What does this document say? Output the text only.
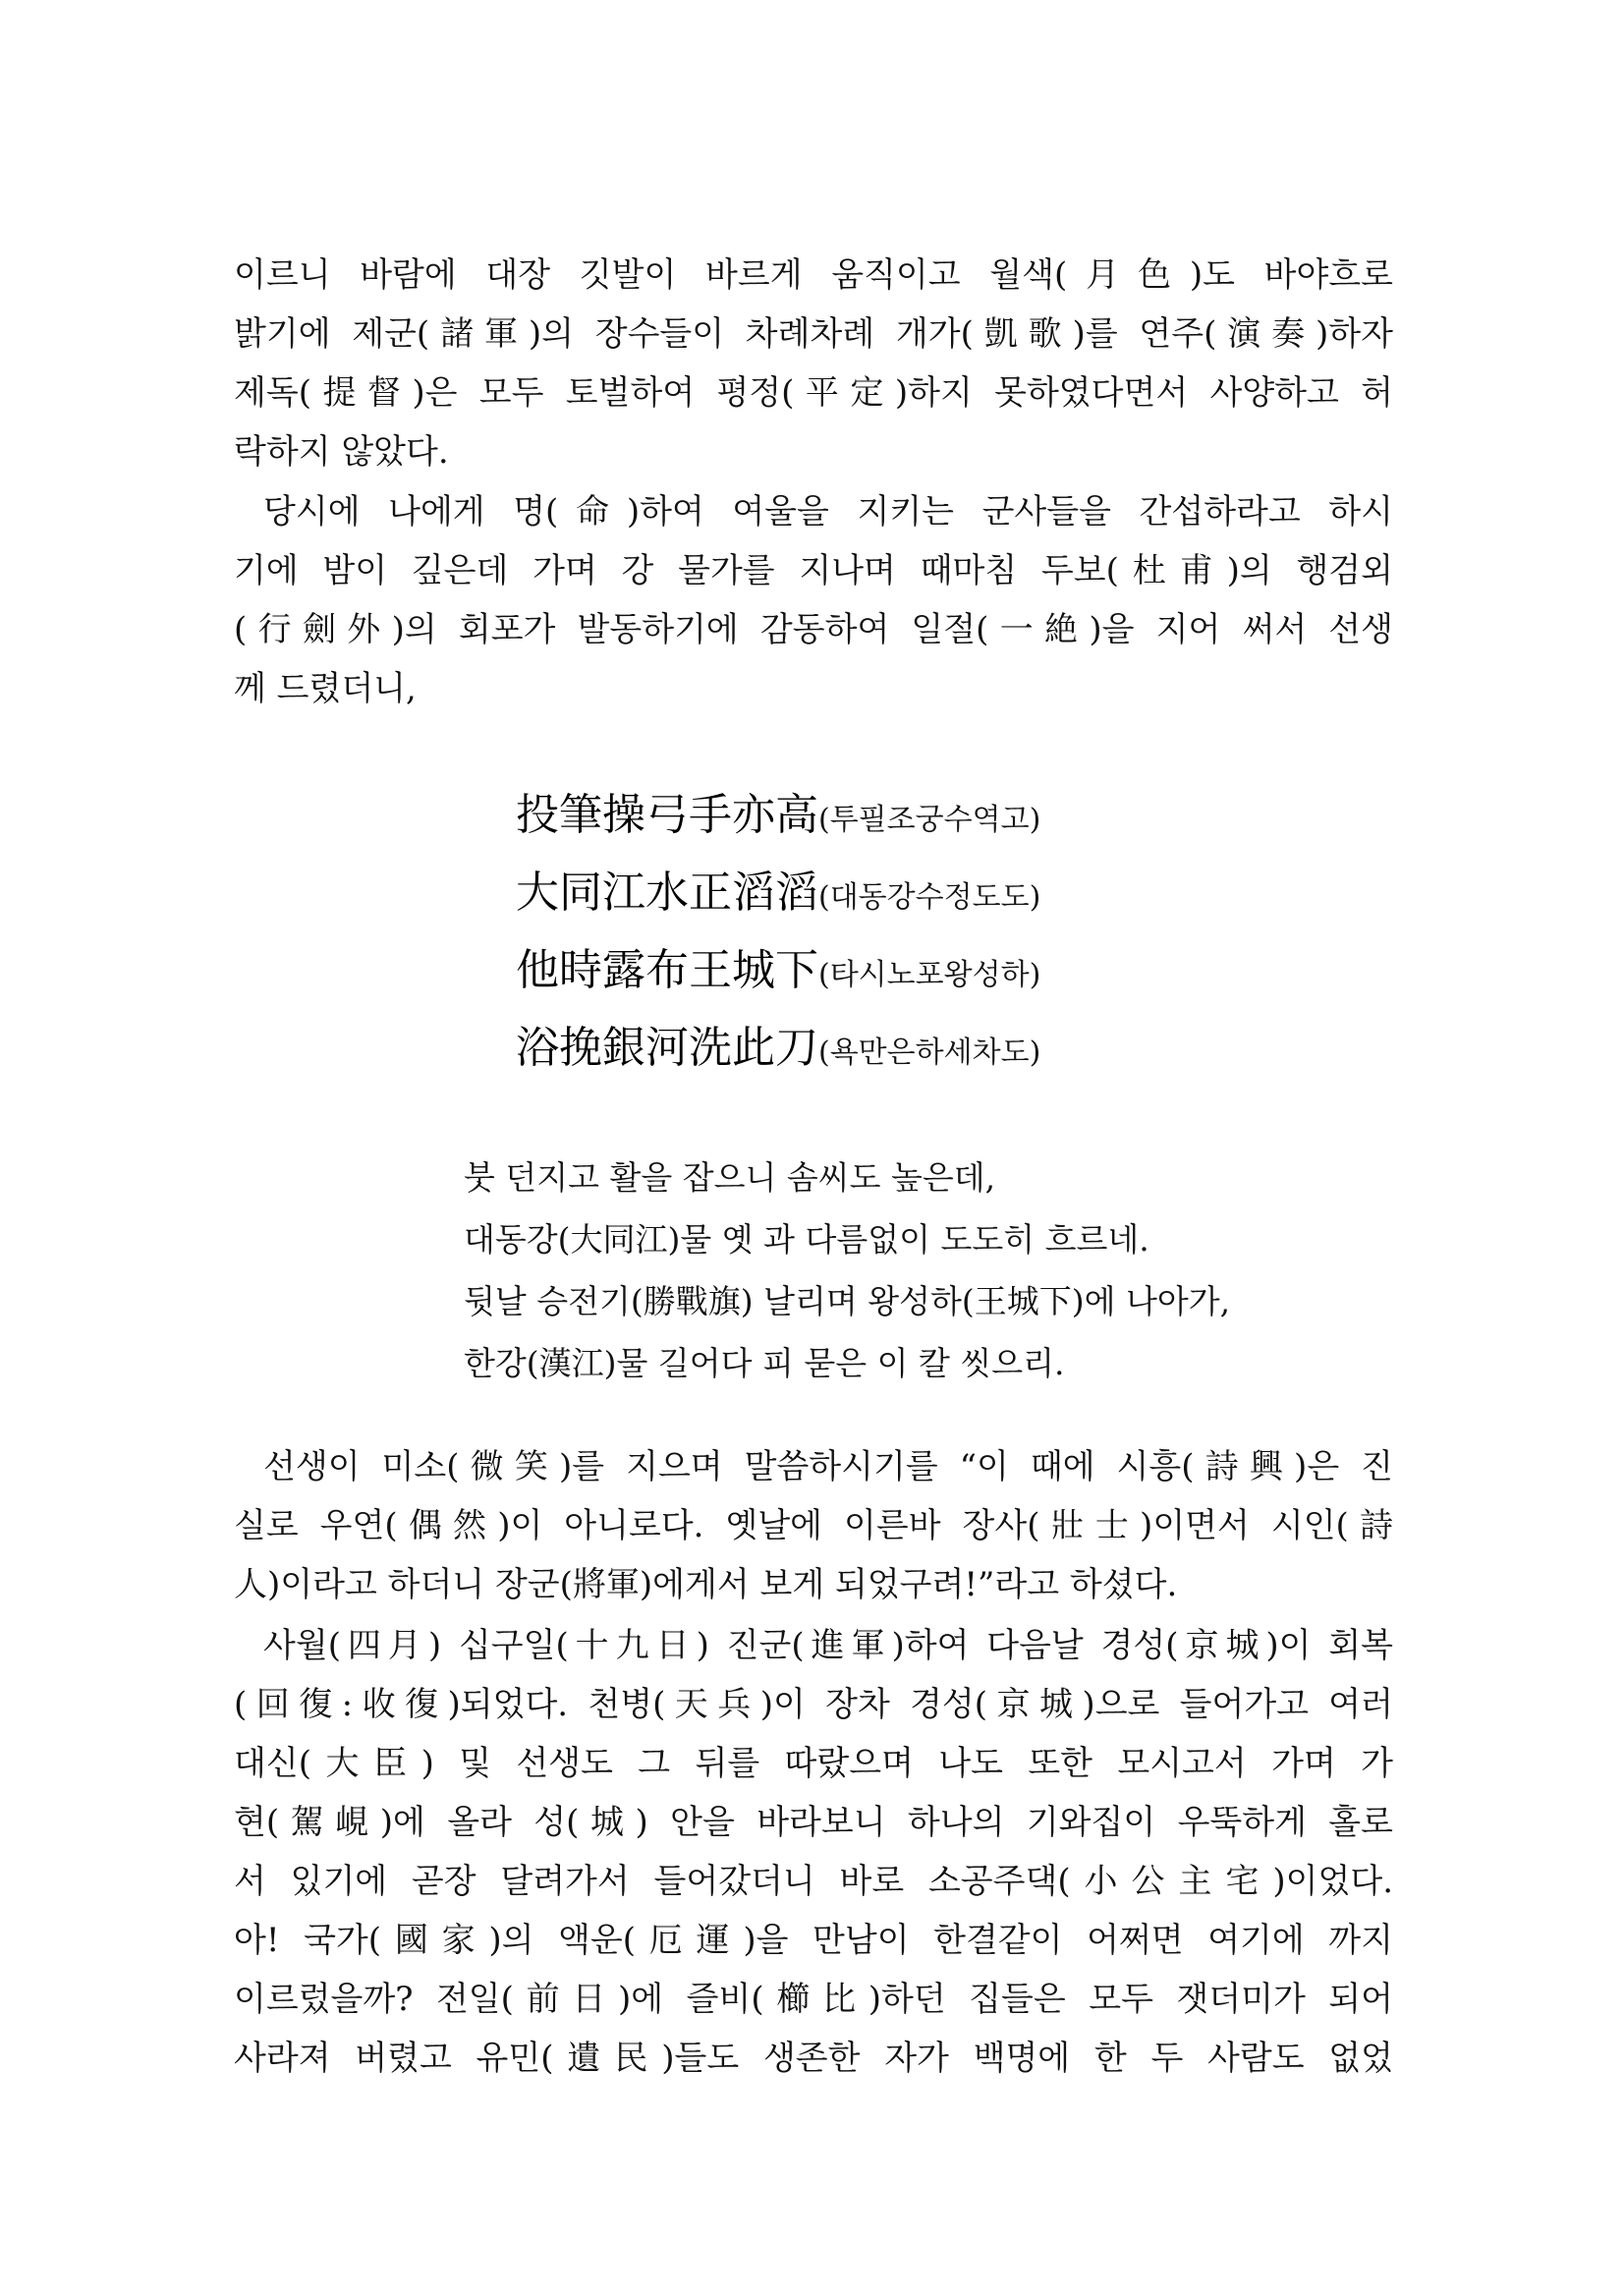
이르니 바람에 대장 깃발이 바르게 움직이고 월색(月色)도 바야흐로
밝기에 제군(諸軍)의 장수들이 차례차례 개가(凱歌)를 연주(演奏)하자
제독(提督)은 모두 토벌하여 평정(平定)하지 못하였다면서 사양하고 허
락하지 않았다.
당시에 나에게 명(命)하여 여울을 지키는 군사들을 간섭하라고 하시
기에 밤이 깊은데 가며 강 물가를 지나며 때마침 두보(杜甫)의 행검외
(行劍外)의 회포가 발동하기에 감동하여 일절(一絶)을 지어 써서 선생
께 드렸더니,
投筆操弓手亦高(투필조궁수역고)
大同江水正滔滔(대동강수정도도)
他時露布王城下(타시노포왕성하)
浴挽銀河洗此刀(욕만은하세차도)
붓 던지고 활을 잡으니 솜씨도 높은데,
대동강(大同江)물 옛 과 다름없이 도도히 흐르네.
뒷날 승전기(勝戰旗) 날리며 왕성하(王城下)에 나아가,
한강(漢江)물 길어다 피 묻은 이 칼 씻으리.
선생이 미소(微笑)를 지으며 말씀하시기를 “이 때에 시흥(詩興)은 진
실로 우연(偶然)이 아니로다. 옛날에 이른바 장사(壯士)이면서 시인(詩
人)이라고 하더니 장군(將軍)에게서 보게 되었구려!”라고 하셨다.
사월(四月) 십구일(十九日) 진군(進軍)하여 다음날 경성(京城)이 회복
(回復:收復)되었다. 천병(天兵)이 장차 경성(京城)으로 들어가고 여러
대신(大臣) 및 선생도 그 뒤를 따랐으며 나도 또한 모시고서 가며 가
현(駕峴)에 올라 성(城) 안을 바라보니 하나의 기와집이 우뚝하게 홀로
서 있기에 곧장 달려가서 들어갔더니 바로 소공주댁(小公主宅)이었다.
아! 국가(國家)의 액운(厄運)을 만남이 한결같이 어쩌면 여기에 까지
이르렀을까? 전일(前日)에 즐비(櫛比)하던 집들은 모두 잿더미가 되어
사라져 버렸고 유민(遺民)들도 생존한 자가 백명에 한 두 사람도 없었
